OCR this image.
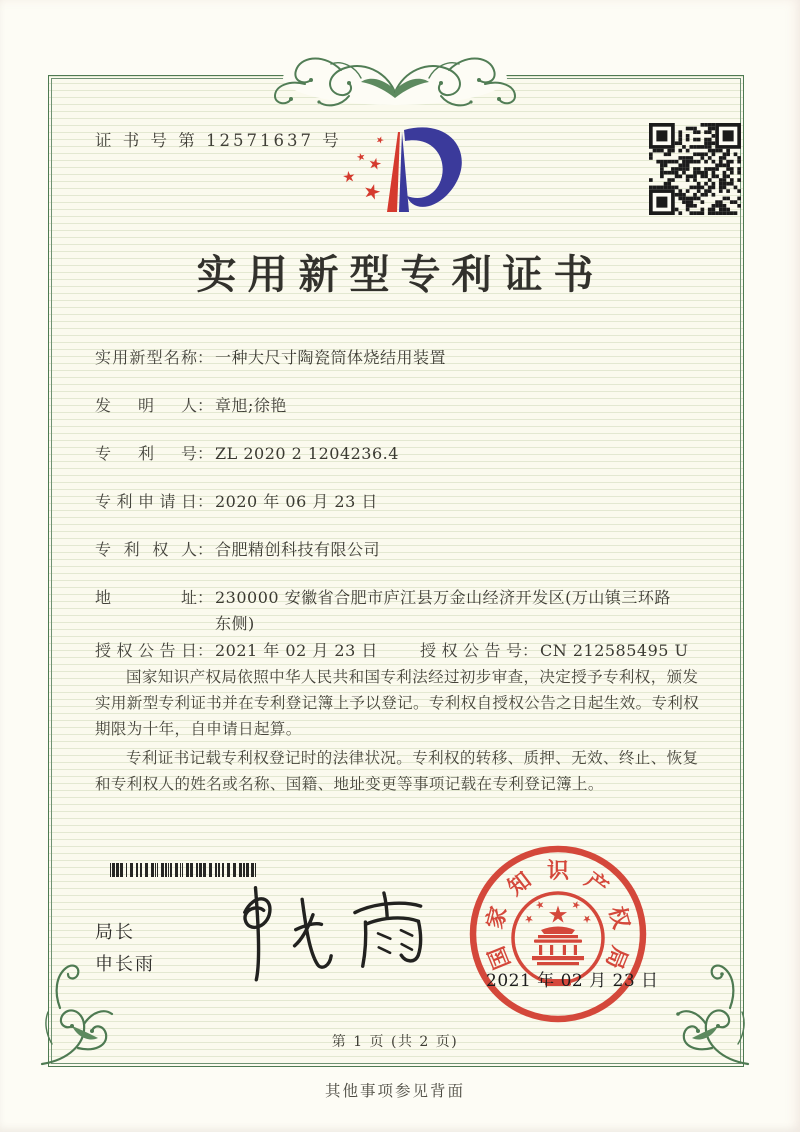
证 书 号 第 12571637 号
实用新型专利证书
实用新型名称： 一种大尺寸陶瓷筒体烧结用装置
发明人： 章旭;徐艳
专利号： ZL 2020 2 1204236.4
专利申请日： 2020 年 06 月 23 日
专利权人： 合肥精创科技有限公司
地址： 230000 安徽省合肥市庐江县万金山经济开发区(万山镇三环路东侧)
授权公告日： 2021 年 02 月 23 日	授权公告号： CN 212585495 U

国家知识产权局依照中华人民共和国专利法经过初步审查，决定授予专利权，颁发实用新型专利证书并在专利登记簿上予以登记。专利权自授权公告之日起生效。专利权期限为十年，自申请日起算。

专利证书记载专利权登记时的法律状况。专利权的转移、质押、无效、终止、恢复和专利权人的姓名或名称、国籍、地址变更等事项记载在专利登记簿上。

局长
申长雨	国
家
知 识 产
权
局
2021 年 02 月 23 日
第 1 页 (共 2 页)
其他事项参见背面
